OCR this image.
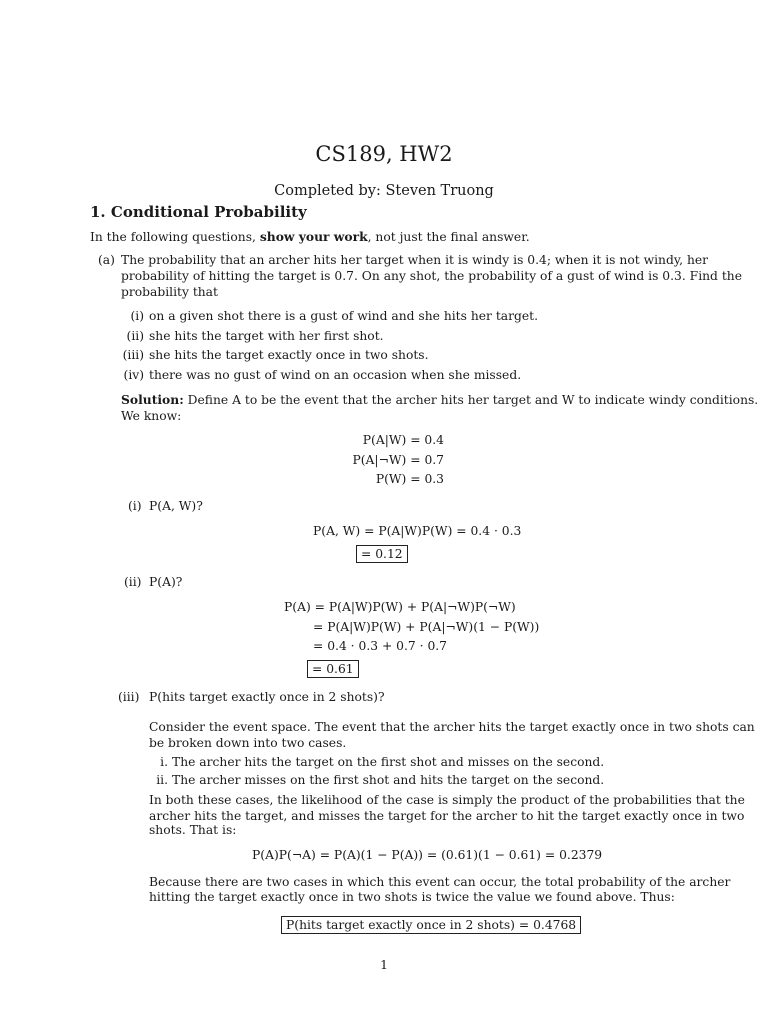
CS189, HW2
Completed by: Steven Truong
1. Conditional Probability
In the following questions, show your work, not just the final answer.
(a) The probability that an archer hits her target when it is windy is 0.4; when it is not windy, her
probability of hitting the target is 0.7. On any shot, the probability of a gust of wind is 0.3. Find the
probability that
(i) on a given shot there is a gust of wind and she hits her target.
(ii) she hits the target with her first shot.
(iii) she hits the target exactly once in two shots.
(iv) there was no gust of wind on an occasion when she missed.
Solution: Define A to be the event that the archer hits her target and W to indicate windy conditions.
We know:
P(A|W) = 0.4
P(A|¬W) = 0.7
P(W) = 0.3
(i) P(A, W)?
P(A, W) = P(A|W)P(W) = 0.4 · 0.3
= 0.12
(ii) P(A)?
P(A) = P(A|W)P(W) + P(A|¬W)P(¬W)
= P(A|W)P(W) + P(A|¬W)(1 − P(W))
= 0.4 · 0.3 + 0.7 · 0.7
= 0.61
(iii) P(hits target exactly once in 2 shots)?
Consider the event space. The event that the archer hits the target exactly once in two shots can
be broken down into two cases.
i. The archer hits the target on the first shot and misses on the second.
ii. The archer misses on the first shot and hits the target on the second.
In both these cases, the likelihood of the case is simply the product of the probabilities that the
archer hits the target, and misses the target for the archer to hit the target exactly once in two
shots. That is:
P(A)P(¬A) = P(A)(1 − P(A)) = (0.61)(1 − 0.61) = 0.2379
Because there are two cases in which this event can occur, the total probability of the archer
hitting the target exactly once in two shots is twice the value we found above. Thus:
P(hits target exactly once in 2 shots) = 0.4768
1
